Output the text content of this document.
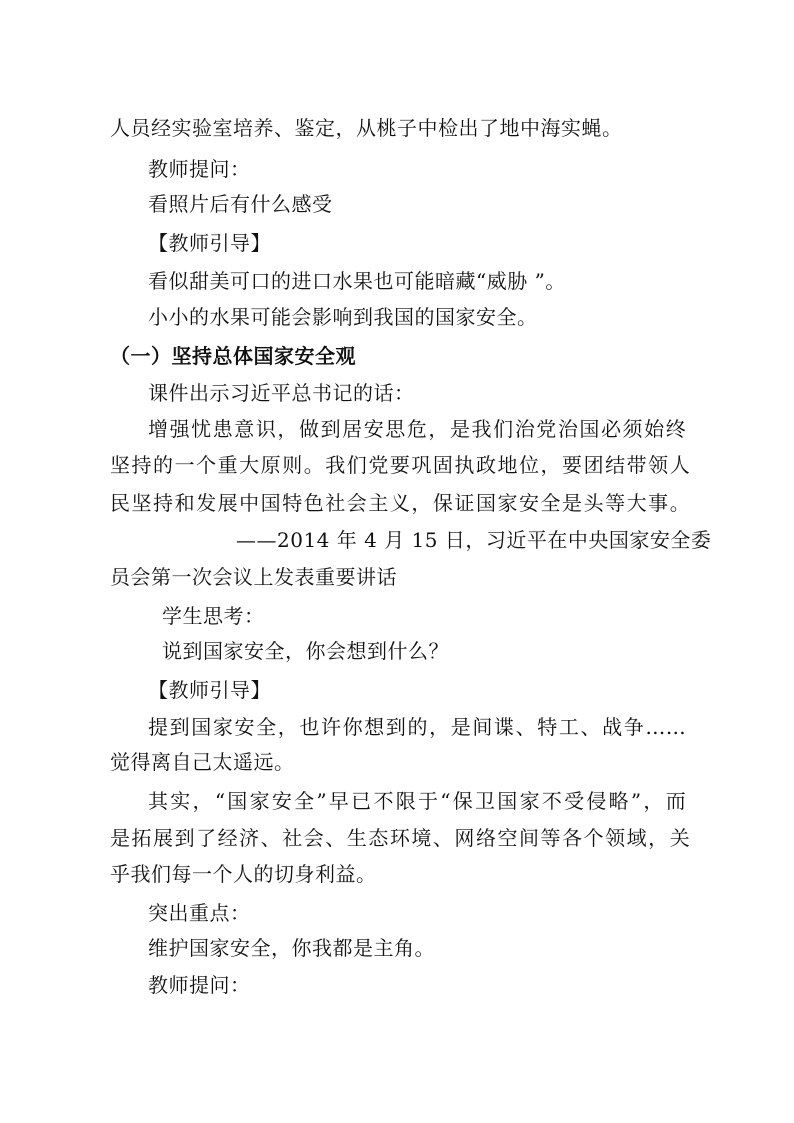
人员经实验室培养、鉴定，从桃子中检出了地中海实蝇。
教师提问：
看照片后有什么感受
【教师引导】
看似甜美可口的进口水果也可能暗藏“威胁 ”。
小小的水果可能会影响到我国的国家安全。
（一）坚持总体国家安全观
课件出示习近平总书记的话：
增强忧患意识，做到居安思危，是我们治党治国必须始终
坚持的一个重大原则。我们党要巩固执政地位，要团结带领人
民坚持和发展中国特色社会主义，保证国家安全是头等大事。
——2014 年 4 月 15 日，习近平在中央国家安全委
员会第一次会议上发表重要讲话
学生思考：
说到国家安全，你会想到什么？
【教师引导】
提到国家安全，也许你想到的，是间谍、特工、战争……
觉得离自己太遥远。
其实，“国家安全”早已不限于“保卫国家不受侵略”，而
是拓展到了经济、社会、生态环境、网络空间等各个领域，关
乎我们每一个人的切身利益。
突出重点：
维护国家安全，你我都是主角。
教师提问：
